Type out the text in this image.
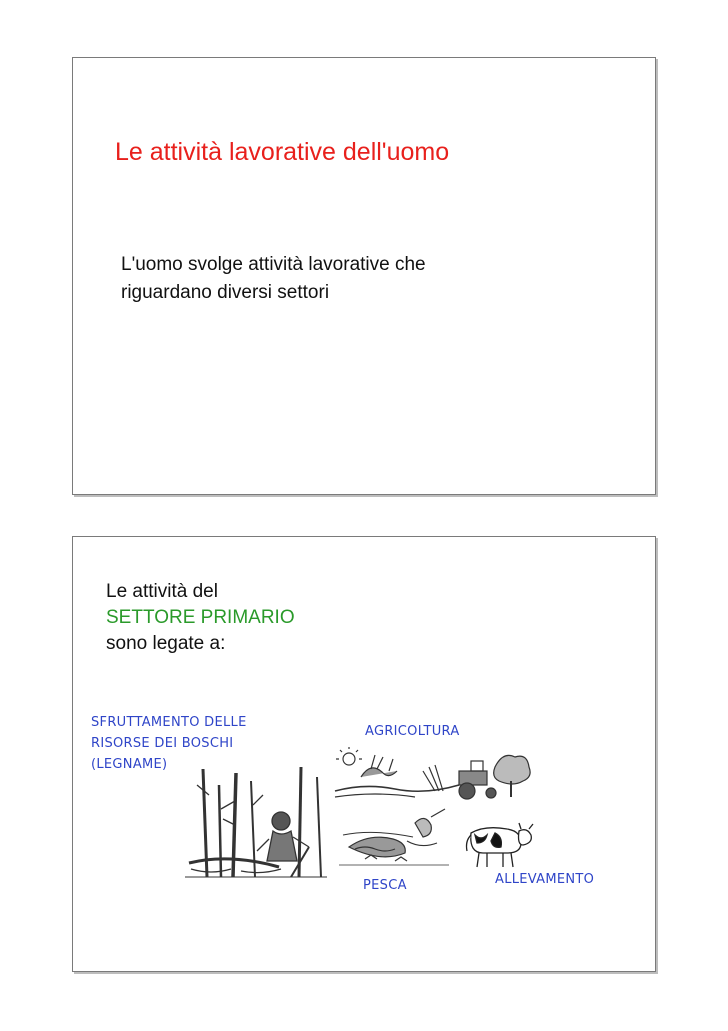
Le attività lavorative dell'uomo
L'uomo svolge attività lavorative che
riguardano diversi settori
Le attività del
SETTORE PRIMARIO
sono legate a:
SFRUTTAMENTO DELLE
RISORSE DEI BOSCHI
(LEGNAME)
AGRICOLTURA
PESCA	ALLEVAMENTO
